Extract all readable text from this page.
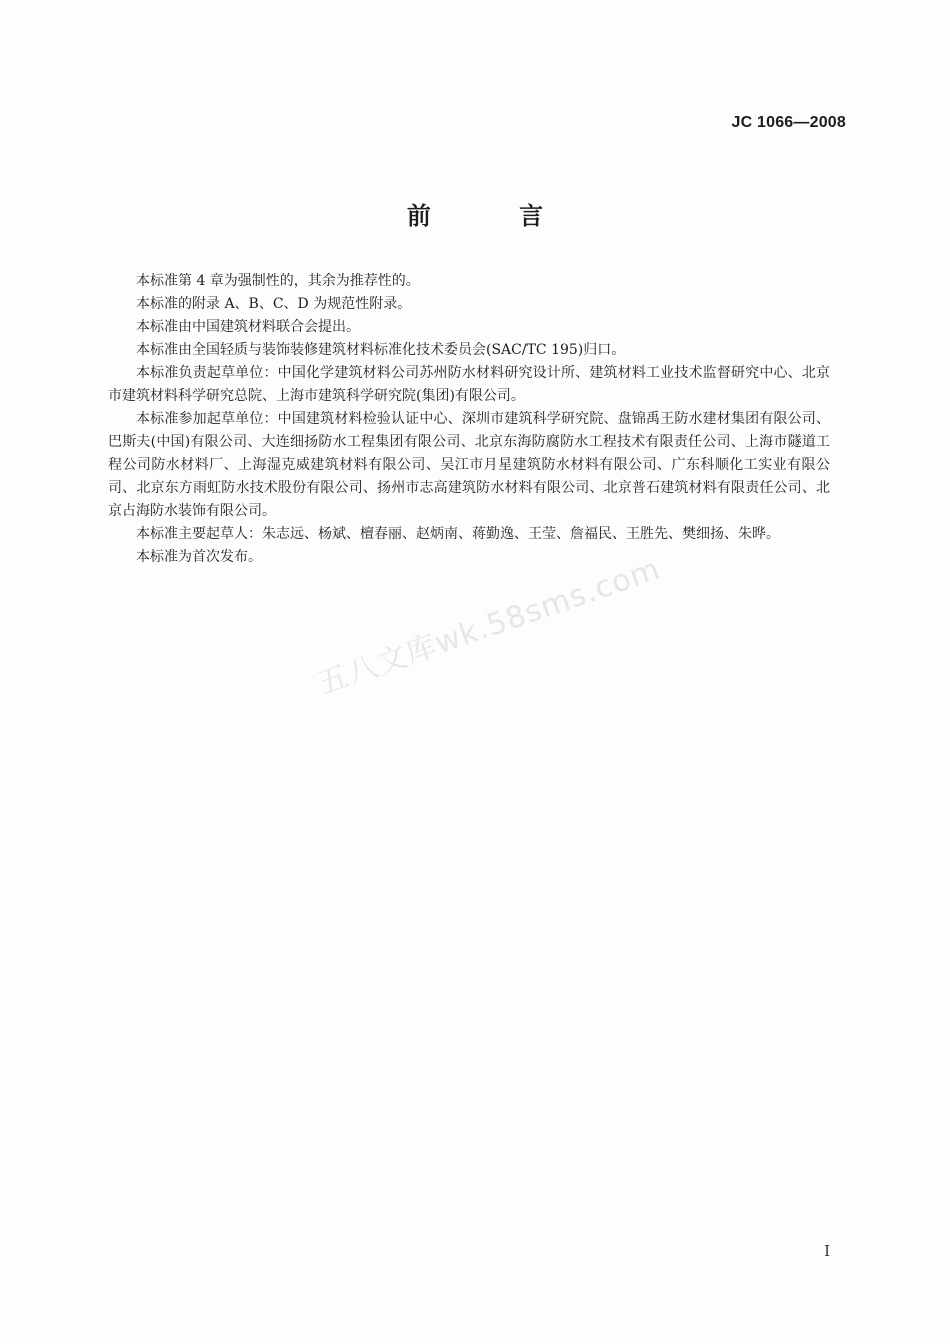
JC 1066—2008
前 言

本标准第 4 章为强制性的，其余为推荐性的。

本标准的附录 A、B、C、D 为规范性附录。

本标准由中国建筑材料联合会提出。

本标准由全国轻质与装饰装修建筑材料标准化技术委员会(SAC/TC 195)归口。

本标准负责起草单位：中国化学建筑材料公司苏州防水材料研究设计所、建筑材料工业技术监督研究中心、北京市建筑材料科学研究总院、上海市建筑科学研究院(集团)有限公司。

本标准参加起草单位：中国建筑材料检验认证中心、深圳市建筑科学研究院、盘锦禹王防水建材集团有限公司、巴斯夫(中国)有限公司、大连细扬防水工程集团有限公司、北京东海防腐防水工程技术有限责任公司、上海市隧道工程公司防水材料厂、上海湿克威建筑材料有限公司、吴江市月星建筑防水材料有限公司、广东科顺化工实业有限公司、北京东方雨虹防水技术股份有限公司、扬州市志高建筑防水材料有限公司、北京普石建筑材料有限责任公司、北京占海防水装饰有限公司。

本标准主要起草人：朱志远、杨斌、檀春丽、赵炳南、蒋勤逸、王莹、詹福民、王胜先、樊细扬、朱晔。

本标准为首次发布。	五八文库wk.58sms.com
I
